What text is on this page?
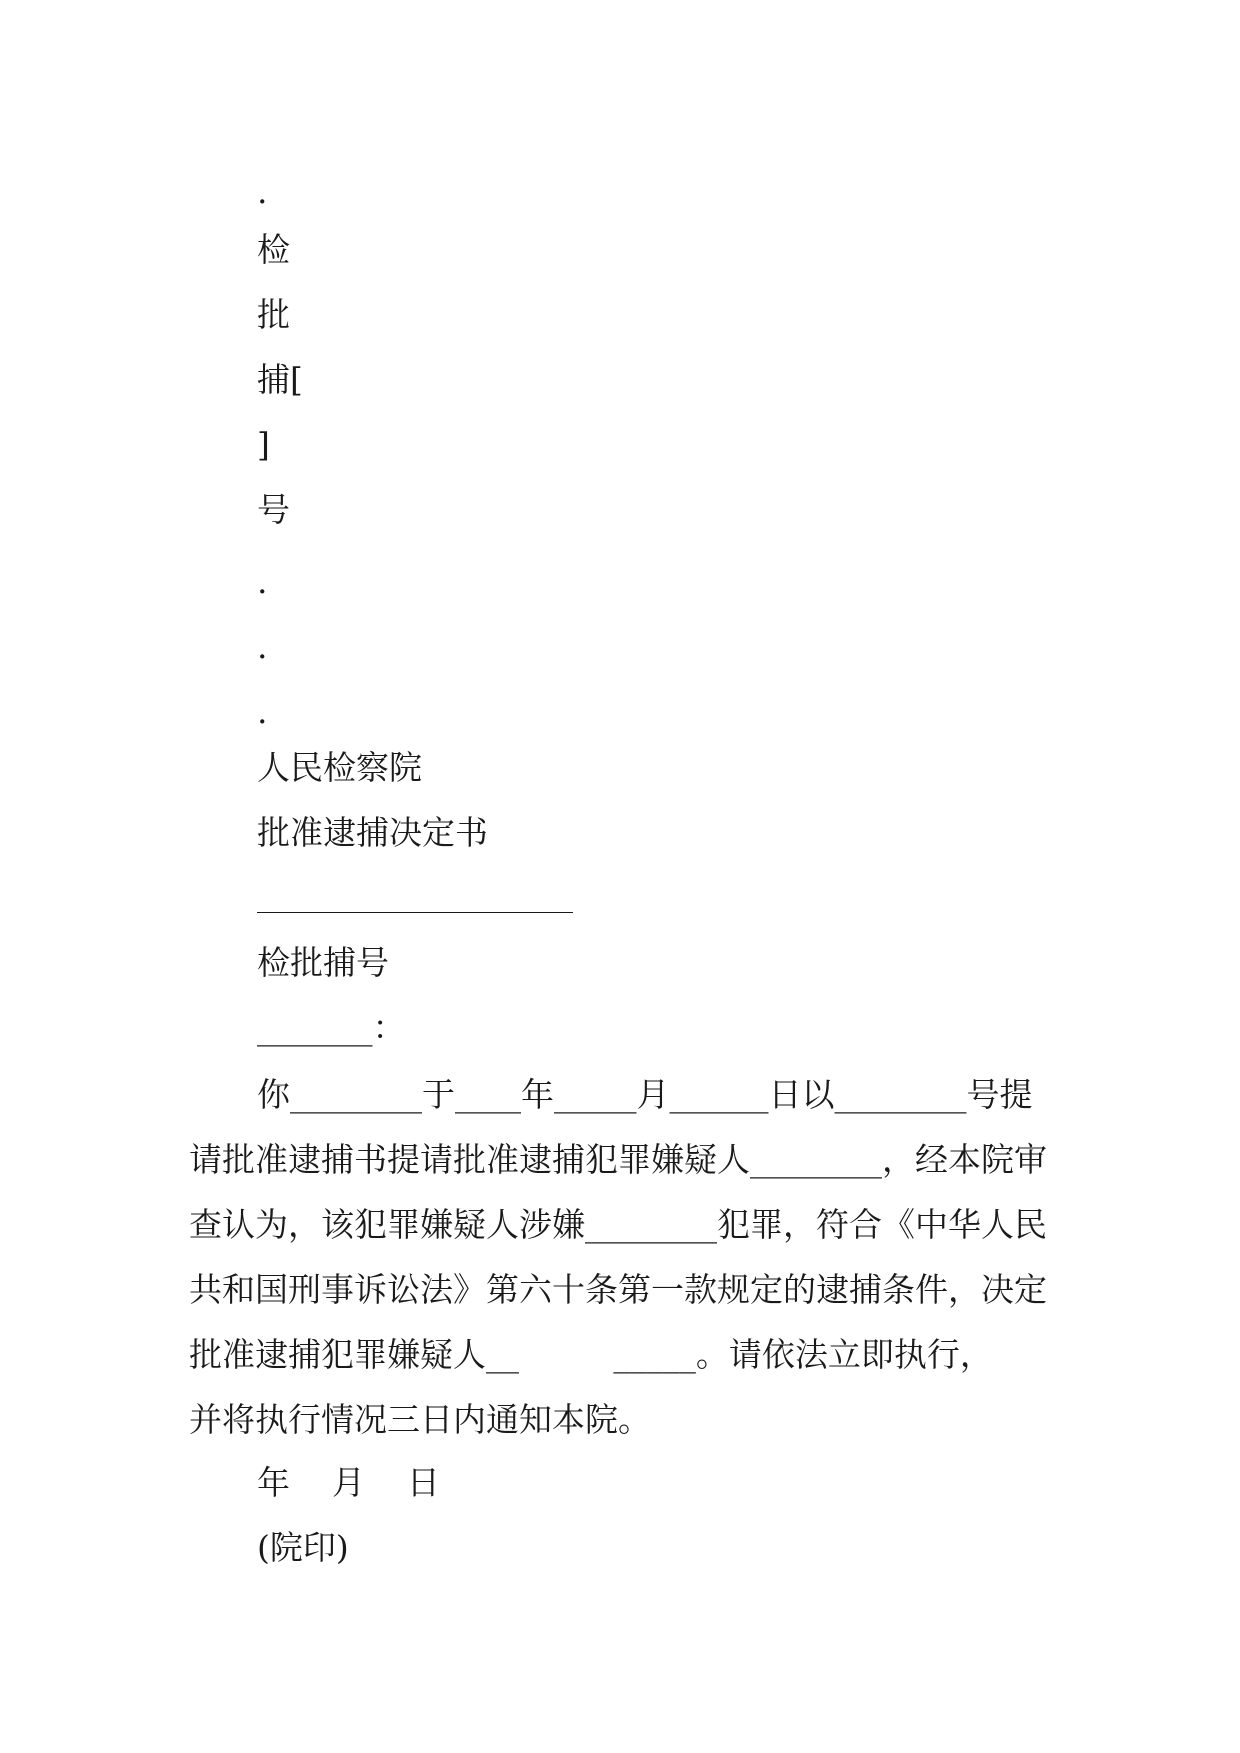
.
检
批
捕[
]
号
.
.
.
人民检察院
批准逮捕决定书
检批捕号
_______：
你________于____年_____月______日以________号提
请批准逮捕书提请批准逮捕犯罪嫌疑人________，经本院审
查认为，该犯罪嫌疑人涉嫌________犯罪，符合《中华人民
共和国刑事诉讼法》第六十条第一款规定的逮捕条件，决定
批准逮捕犯罪嫌疑人__         _____。请依法立即执行，
并将执行情况三日内通知本院。
年    月    日
(院印)
